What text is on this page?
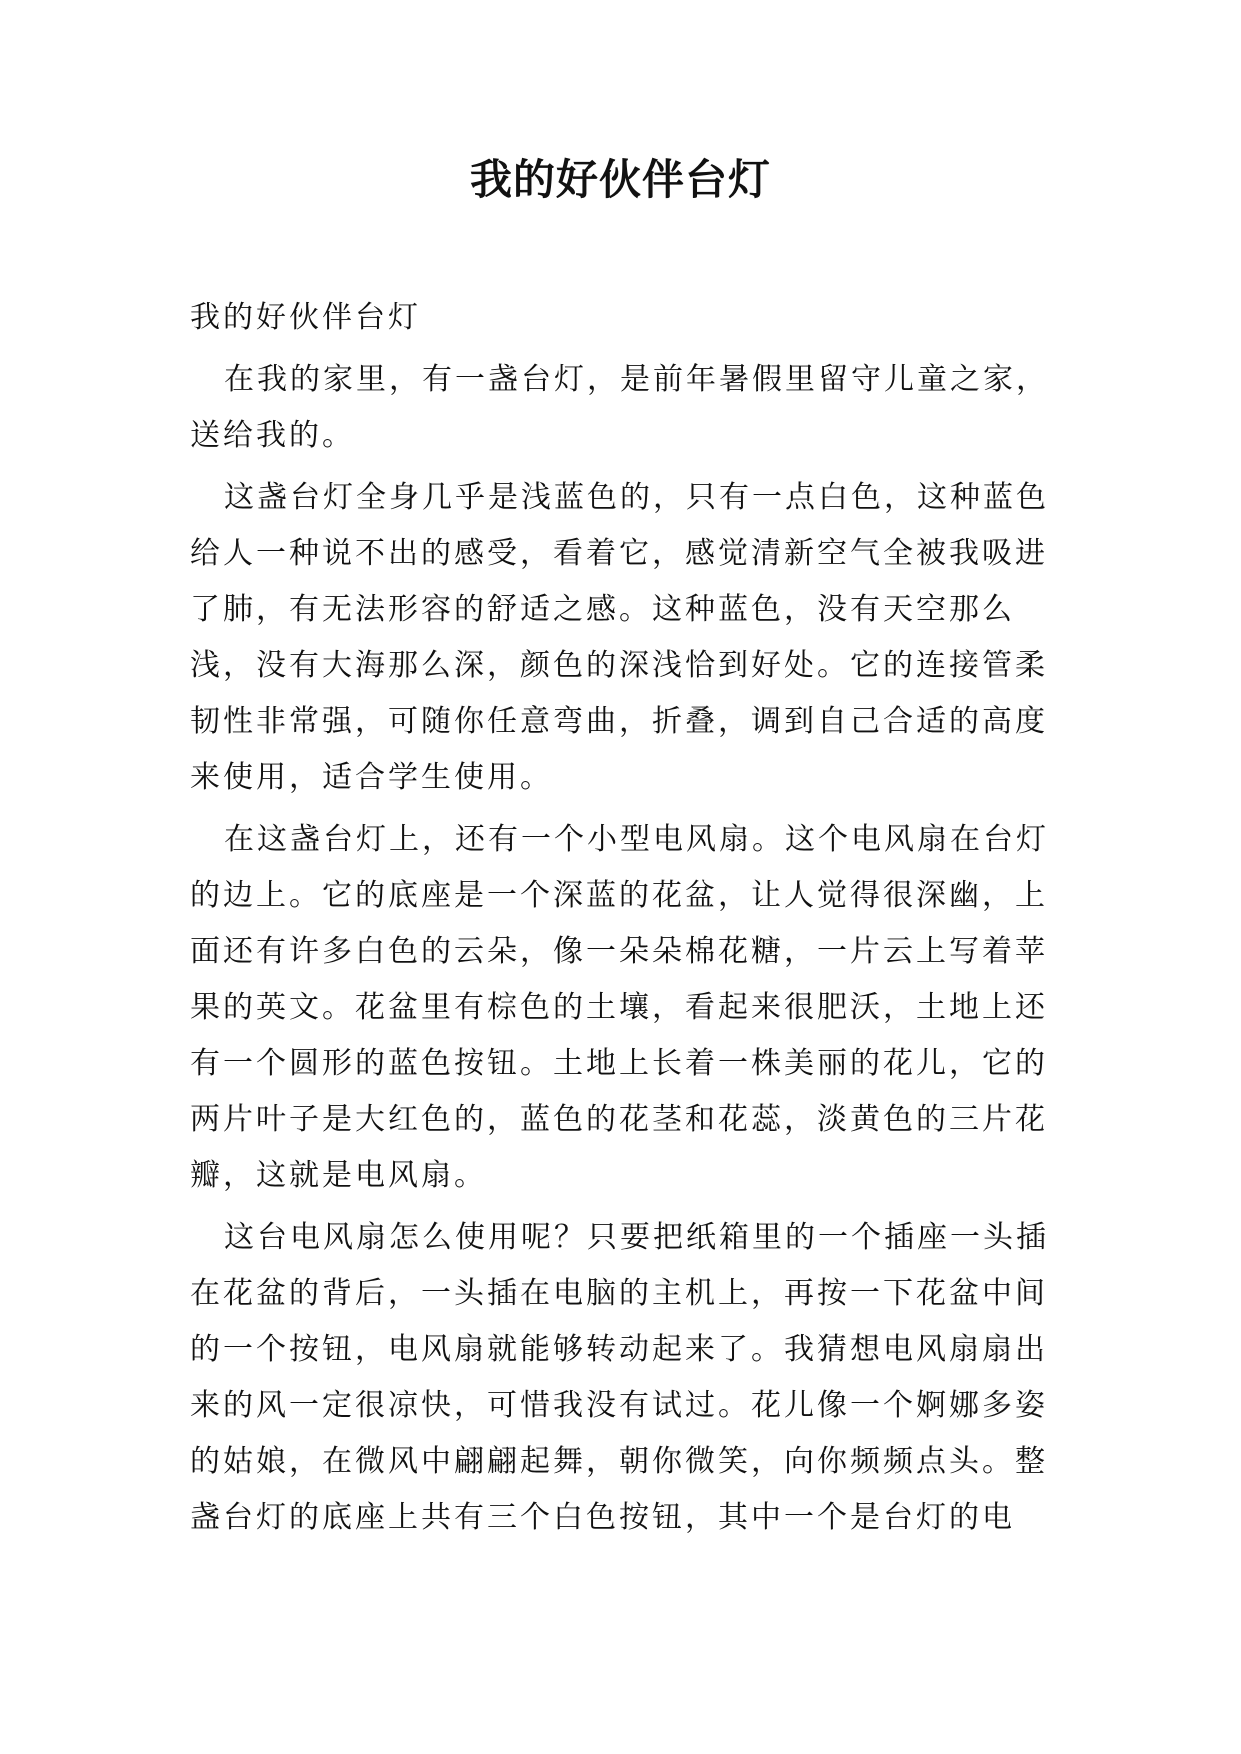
我的好伙伴台灯

我的好伙伴台灯

在我的家里，有一盏台灯，是前年暑假里留守儿童之家，送给我的。

这盏台灯全身几乎是浅蓝色的，只有一点白色，这种蓝色给人一种说不出的感受，看着它，感觉清新空气全被我吸进了肺，有无法形容的舒适之感。这种蓝色，没有天空那么浅，没有大海那么深，颜色的深浅恰到好处。它的连接管柔韧性非常强，可随你任意弯曲，折叠，调到自己合适的高度来使用，适合学生使用。

在这盏台灯上，还有一个小型电风扇。这个电风扇在台灯的边上。它的底座是一个深蓝的花盆，让人觉得很深幽，上面还有许多白色的云朵，像一朵朵棉花糖，一片云上写着苹果的英文。花盆里有棕色的土壤，看起来很肥沃，土地上还有一个圆形的蓝色按钮。土地上长着一株美丽的花儿，它的两片叶子是大红色的，蓝色的花茎和花蕊，淡黄色的三片花瓣，这就是电风扇。

这台电风扇怎么使用呢？只要把纸箱里的一个插座一头插在花盆的背后，一头插在电脑的主机上，再按一下花盆中间的一个按钮，电风扇就能够转动起来了。我猜想电风扇扇出来的风一定很凉快，可惜我没有试过。花儿像一个婀娜多姿的姑娘，在微风中翩翩起舞，朝你微笑，向你频频点头。整盏台灯的底座上共有三个白色按钮，其中一个是台灯的电
